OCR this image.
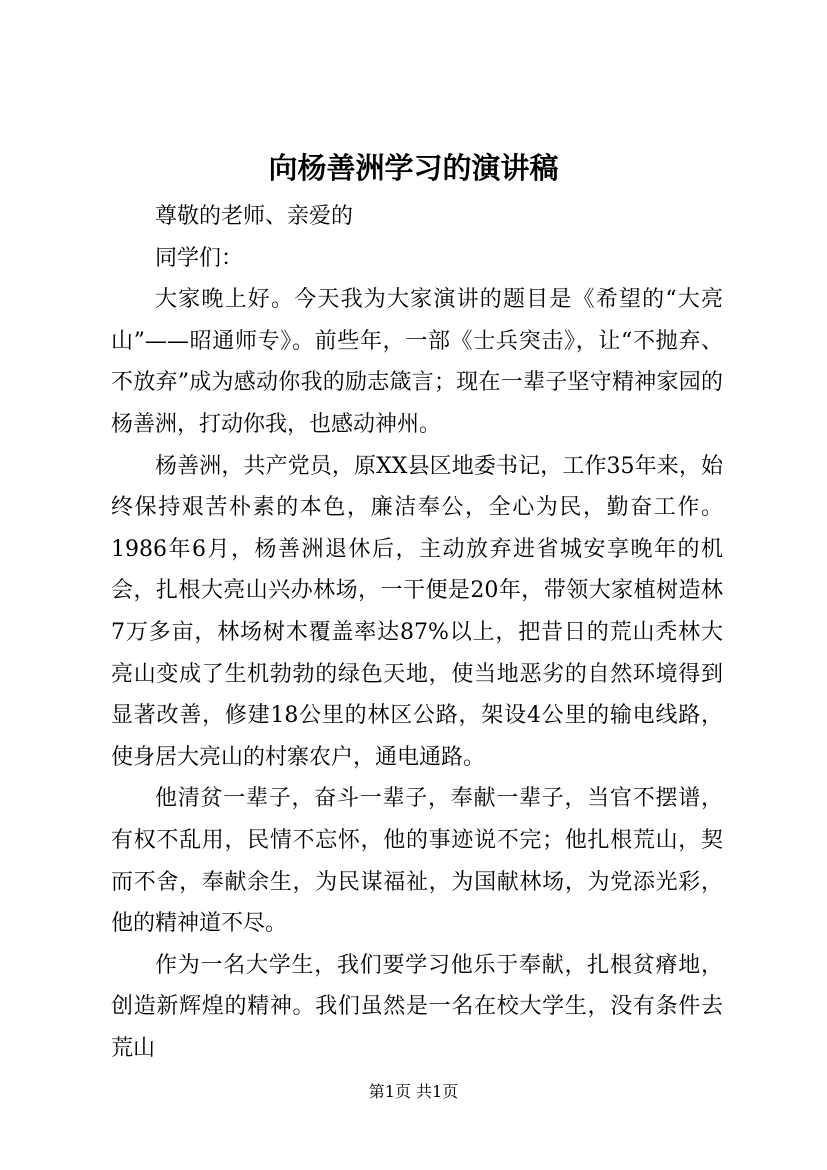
向杨善洲学习的演讲稿

尊敬的老师、亲爱的

同学们：

大家晚上好。今天我为大家演讲的题目是《希望的“大亮山”——昭通师专》。前些年，一部《士兵突击》，让“不抛弃、不放弃”成为感动你我的励志箴言；现在一辈子坚守精神家园的杨善洲，打动你我，也感动神州。

杨善洲，共产党员，原XX县区地委书记，工作35年来，始终保持艰苦朴素的本色，廉洁奉公，全心为民，勤奋工作。1986年6月，杨善洲退休后，主动放弃进省城安享晚年的机会，扎根大亮山兴办林场，一干便是20年，带领大家植树造林7万多亩，林场树木覆盖率达87%以上，把昔日的荒山秃林大亮山变成了生机勃勃的绿色天地，使当地恶劣的自然环境得到显著改善，修建18公里的林区公路，架设4公里的输电线路，使身居大亮山的村寨农户，通电通路。

他清贫一辈子，奋斗一辈子，奉献一辈子，当官不摆谱，有权不乱用，民情不忘怀，他的事迹说不完；他扎根荒山，契而不舍，奉献余生，为民谋福祉，为国献林场，为党添光彩，他的精神道不尽。

作为一名大学生，我们要学习他乐于奉献，扎根贫瘠地，创造新辉煌的精神。我们虽然是一名在校大学生，没有条件去荒山

第1页 共1页
